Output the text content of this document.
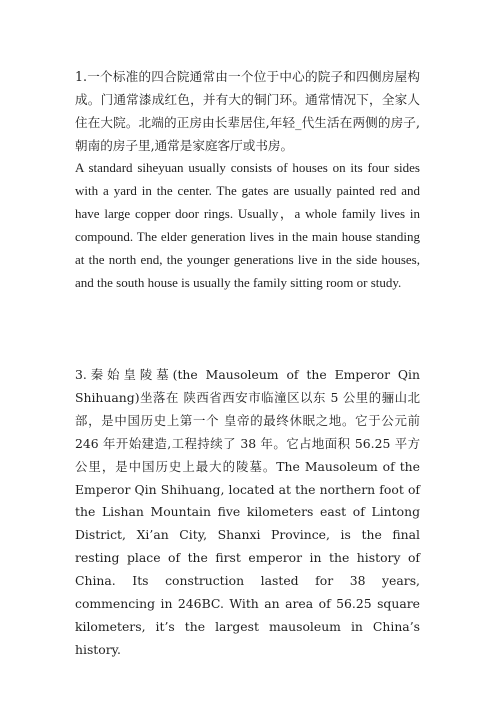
1.一个标准的四合院通常由一个位于中心的院子和四侧房屋构成。门通常漆成红色，并有大的铜门环。通常情况下，全家人住在大院。北端的正房由长辈居住,年轻_代生活在两侧的房子,朝南的房子里,通常是家庭客厅或书房。

A standard siheyuan usually consists of houses on its four sides with a yard in the center. The gates are usually painted red and have large copper door rings. Usually，a whole family lives in compound. The elder generation lives in the main house standing at the north end, the younger generations live in the side houses, and the south house is usually the family sitting room or study.

3.秦始皇陵墓(the Mausoleum of the Emperor Qin Shihuang)坐落在 陕西省西安市临潼区以东 5 公里的骊山北部，是中国历史上第一个 皇帝的最终休眠之地。它于公元前 246 年开始建造,工程持续了 38 年。它占地面积 56.25 平方公里，是中国历史上最大的陵墓。The Mausoleum of the Emperor Qin Shihuang, located at the northern foot of the Lishan Mountain five kilometers east of Lintong District, Xi’an City, Shanxi Province, is the final resting place of the first emperor in the history of China. Its construction lasted for 38 years, commencing in 246BC. With an area of 56.25 square kilometers, it’s the largest mausoleum in China’s history.
